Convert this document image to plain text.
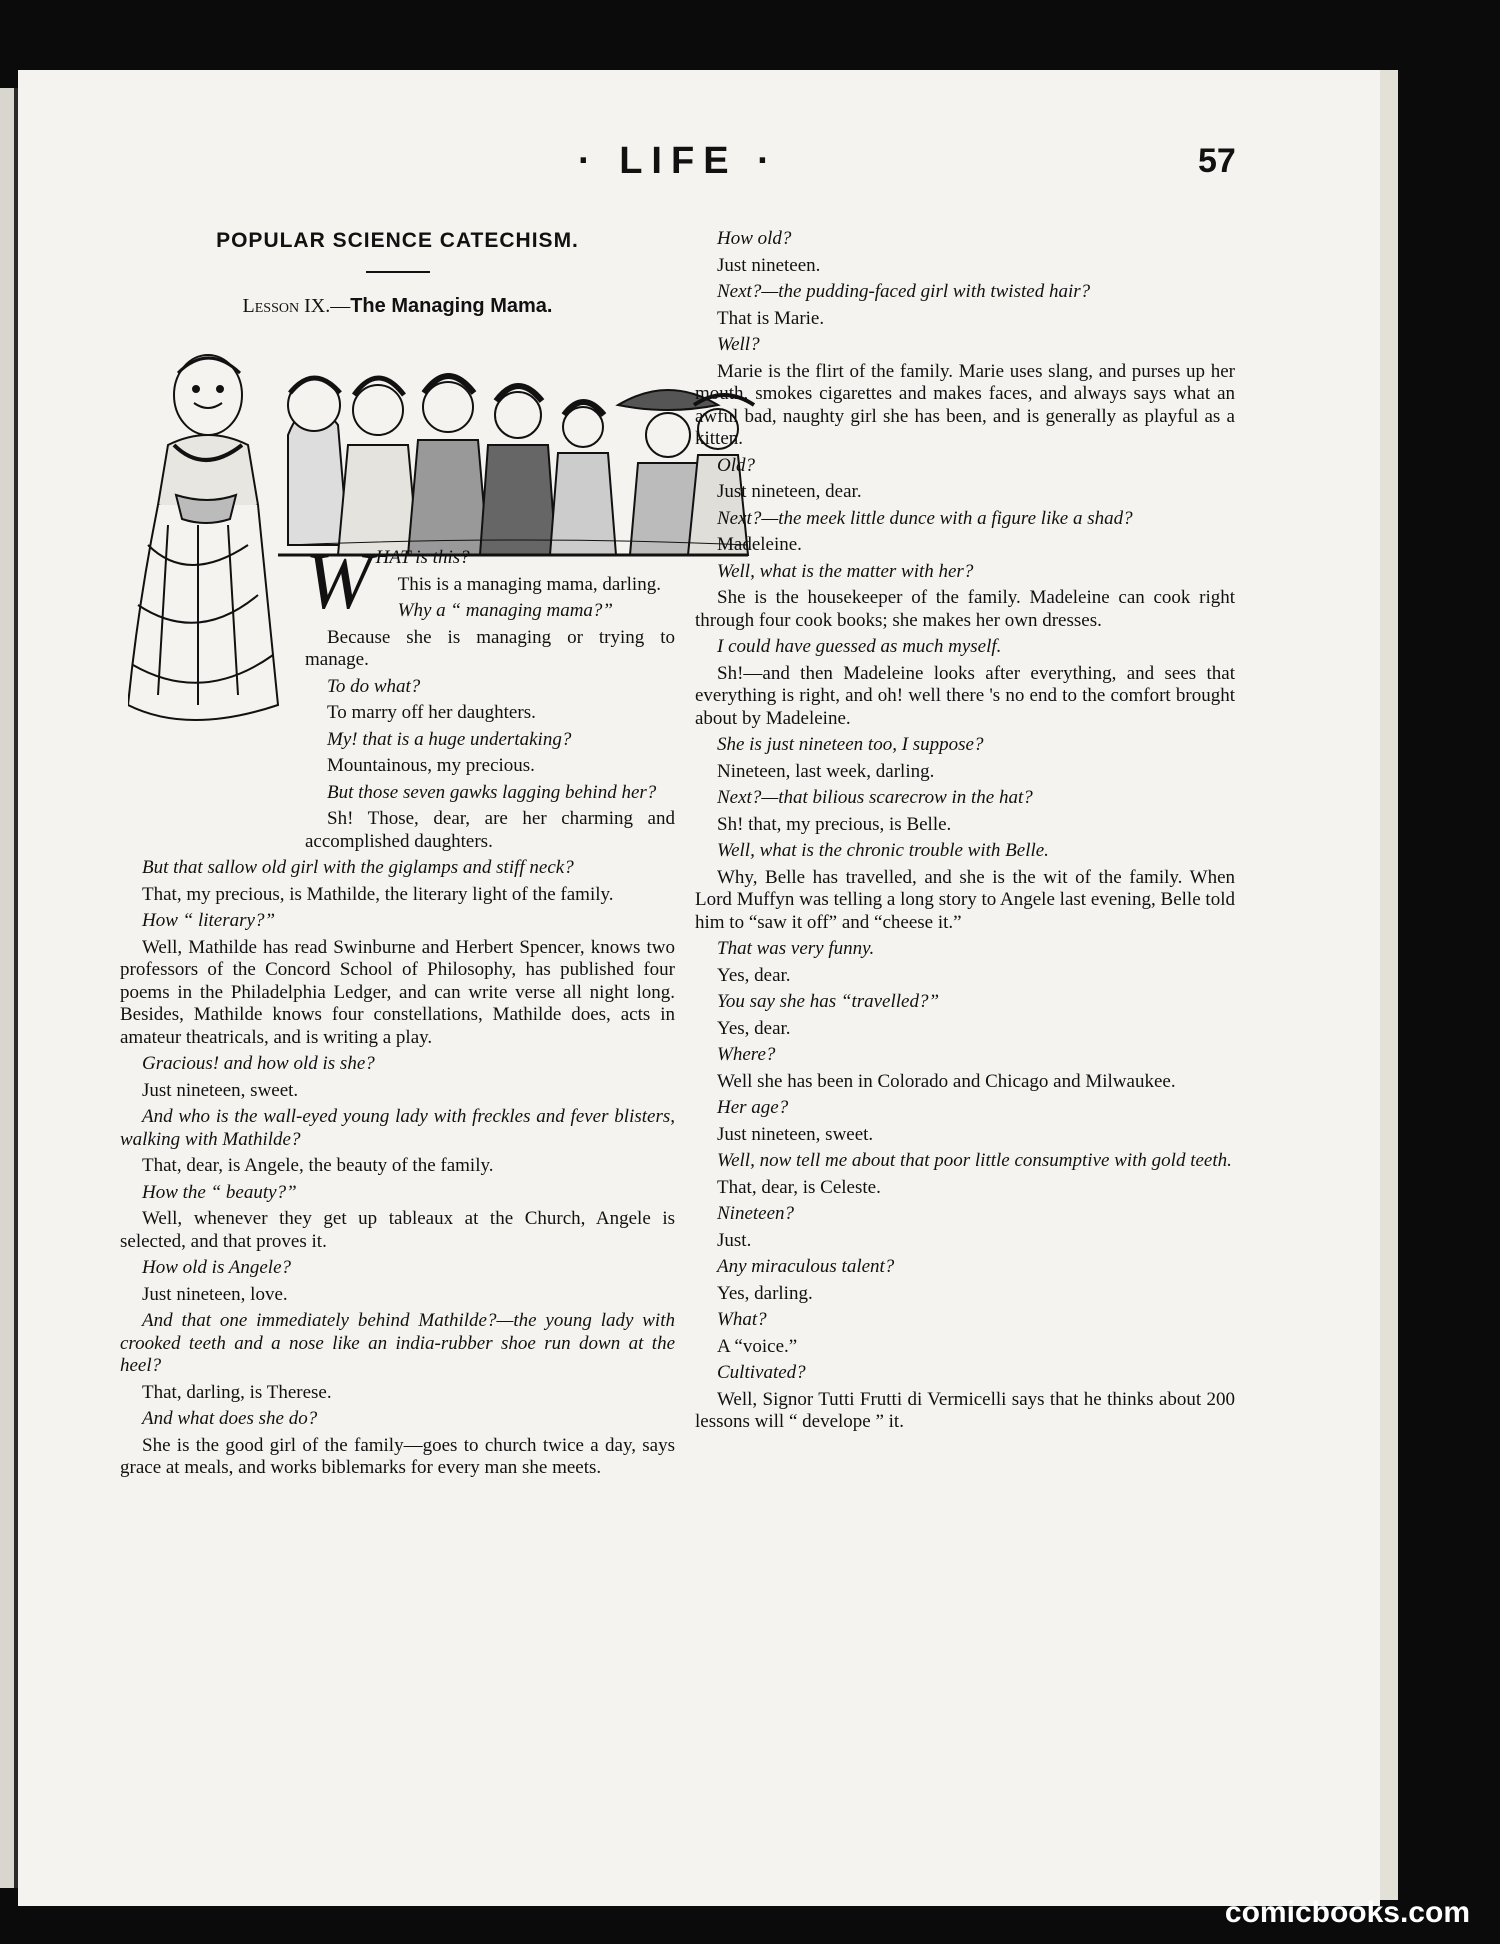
· LIFE ·	57
POPULAR SCIENCE CATECHISM.
Lesson IX.—The Managing Mama.

WHAT is this?

This is a managing mama, darling.

Why a “ managing mama?”

Because she is managing or trying to manage.

To do what?

To marry off her daughters.

My! that is a huge undertaking?

Mountainous, my precious.

But those seven gawks lagging behind her?

Sh! Those, dear, are her charming and accomplished daughters.

But that sallow old girl with the giglamps and stiff neck?

That, my precious, is Mathilde, the literary light of the family.

How “ literary?”

Well, Mathilde has read Swinburne and Herbert Spencer, knows two professors of the Concord School of Philosophy, has published four poems in the Philadelphia Ledger, and can write verse all night long. Besides, Mathilde knows four constellations, Mathilde does, acts in amateur theatricals, and is writing a play.

Gracious! and how old is she?

Just nineteen, sweet.

And who is the wall-eyed young lady with freckles and fever blisters, walking with Mathilde?

That, dear, is Angele, the beauty of the family.

How the “ beauty?”

Well, whenever they get up tableaux at the Church, Angele is selected, and that proves it.

How old is Angele?

Just nineteen, love.

And that one immediately behind Mathilde?—the young lady with crooked teeth and a nose like an india-rubber shoe run down at the heel?

That, darling, is Therese.

And what does she do?

She is the good girl of the family—goes to church twice a day, says grace at meals, and works biblemarks for every man she meets.

How old?

Just nineteen.

Next?—the pudding-faced girl with twisted hair?

That is Marie.

Well?

Marie is the flirt of the family. Marie uses slang, and purses up her mouth, smokes cigarettes and makes faces, and always says what an awful bad, naughty girl she has been, and is generally as playful as a kitten.

Old?

Just nineteen, dear.

Next?—the meek little dunce with a figure like a shad?

Madeleine.

Well, what is the matter with her?

She is the housekeeper of the family. Madeleine can cook right through four cook books; she makes her own dresses.

I could have guessed as much myself.

Sh!—and then Madeleine looks after everything, and sees that everything is right, and oh! well there 's no end to the comfort brought about by Madeleine.

She is just nineteen too, I suppose?

Nineteen, last week, darling.

Next?—that bilious scarecrow in the hat?

Sh! that, my precious, is Belle.

Well, what is the chronic trouble with Belle.

Why, Belle has travelled, and she is the wit of the family. When Lord Muffyn was telling a long story to Angele last evening, Belle told him to “saw it off” and “cheese it.”

That was very funny.

Yes, dear.

You say she has “travelled?”

Yes, dear.

Where?

Well she has been in Colorado and Chicago and Milwaukee.

Her age?

Just nineteen, sweet.

Well, now tell me about that poor little consumptive with gold teeth.

That, dear, is Celeste.

Nineteen?

Just.

Any miraculous talent?

Yes, darling.

What?

A “voice.”

Cultivated?

Well, Signor Tutti Frutti di Vermicelli says that he thinks about 200 lessons will “ develope ” it.

comicbooks.com
